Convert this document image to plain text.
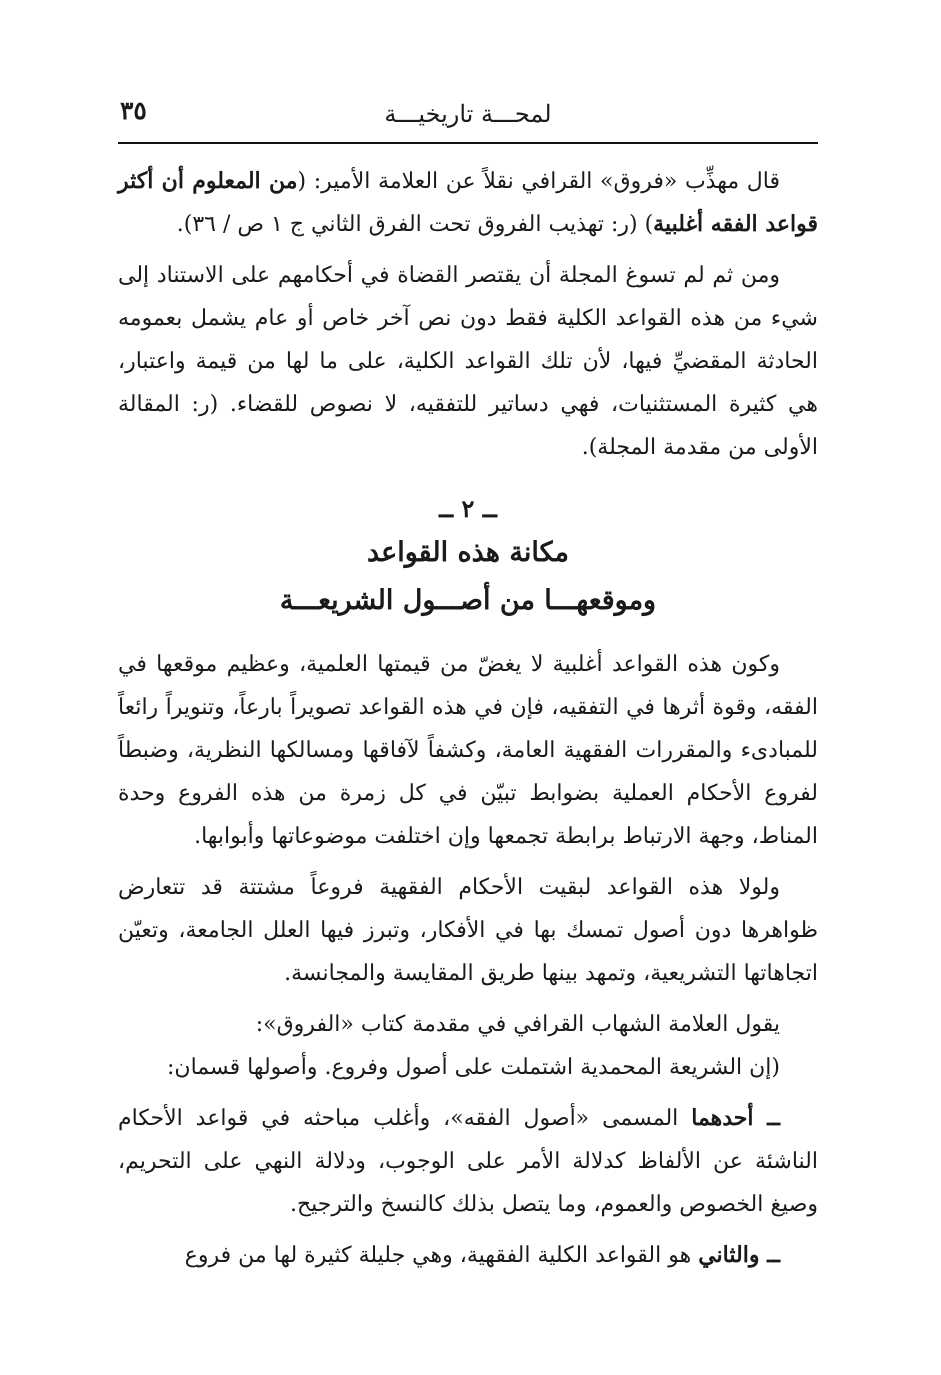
لمحـــة تاريخيـــة
٣٥

قال مهذِّب «فروق» القرافي نقلاً عن العلامة الأمير: (من المعلوم أن أكثر قواعد الفقه أغلبية) (ر: تهذيب الفروق تحت الفرق الثاني ج ١ ص / ٣٦).

ومن ثم لم تسوغ المجلة أن يقتصر القضاة في أحكامهم على الاستناد إلى شيء من هذه القواعد الكلية فقط دون نص آخر خاص أو عام يشمل بعمومه الحادثة المقضيِّ فيها، لأن تلك القواعد الكلية، على ما لها من قيمة واعتبار، هي كثيرة المستثنيات، فهي دساتير للتفقيه، لا نصوص للقضاء. (ر: المقالة الأولى من مقدمة المجلة).

ــ ٢ ــ
مكانة هذه القواعد
وموقعهـــا من أصـــول الشريعـــة

وكون هذه القواعد أغلبية لا يغضّ من قيمتها العلمية، وعظيم موقعها في الفقه، وقوة أثرها في التفقيه، فإن في هذه القواعد تصويراً بارعاً، وتنويراً رائعاً للمبادىء والمقررات الفقهية العامة، وكشفاً لآفاقها ومسالكها النظرية، وضبطاً لفروع الأحكام العملية بضوابط تبيّن في كل زمرة من هذه الفروع وحدة المناط، وجهة الارتباط برابطة تجمعها وإن اختلفت موضوعاتها وأبوابها.

ولولا هذه القواعد لبقيت الأحكام الفقهية فروعاً مشتتة قد تتعارض ظواهرها دون أصول تمسك بها في الأفكار، وتبرز فيها العلل الجامعة، وتعيّن اتجاهاتها التشريعية، وتمهد بينها طريق المقايسة والمجانسة.

يقول العلامة الشهاب القرافي في مقدمة كتاب «الفروق»:

(إن الشريعة المحمدية اشتملت على أصول وفروع. وأصولها قسمان:

ــ أحدهما المسمى «أصول الفقه»، وأغلب مباحثه في قواعد الأحكام الناشئة عن الألفاظ كدلالة الأمر على الوجوب، ودلالة النهي على التحريم، وصيغ الخصوص والعموم، وما يتصل بذلك كالنسخ والترجيح.

ــ والثاني هو القواعد الكلية الفقهية، وهي جليلة كثيرة لها من فروع
